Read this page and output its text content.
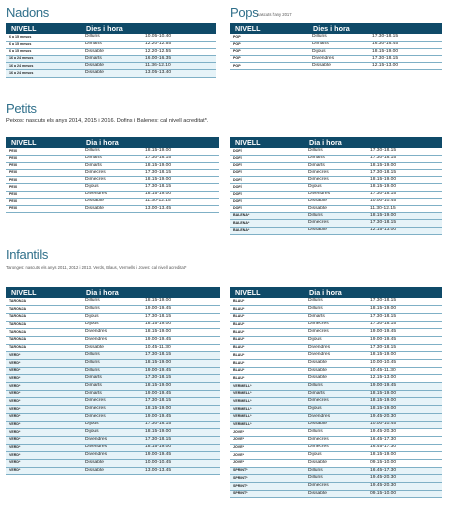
Nadons
NIVELL	Dies i hora	
6 a 15 mesos	Dilluns	10.05-10.40
6 a 15 mesos	Dimarts	12.20-12.55
6 a 15 mesos	Dissabte	12.20-12.55
16 a 24 mesos	Dimarts	16.00-16.35
16 a 24 mesos	Dissabte	11.36-12.10
16 a 24 mesos	Dissabte	13.05-13.40
Pops
nascuts l'any 2017
NIVELL	Dies i hora	
POP	Dilluns	17.30-18.15
POP	Dimarts	16.30-16.45
POP	Dijous	18.15-19.00
POP	Divendres	17.30-18.15
POP	Dissabte	12.15-13.00
Petits
Peixos: nascuts els anys 2014, 2015 i 2016. Dofins i Balenes: cal nivell acreditat*.
NIVELL	Dia i hora	
PEIX	Dilluns	18.15-19.00
PEIX	Dimarts	17.30-18.15
PEIX	Dimarts	18.15-19.00
PEIX	Dimecres	17.30-18.15
PEIX	Dimecres	18.15-19.00
PEIX	Dijous	17.30-18.15
PEIX	Divendres	18.15-19.00
PEIX	Dissabte	11.30-12.15
PEIX	Dissabte	13.00-13.45
NIVELL	Dia i hora	
DOFÍ	Dilluns	17.30-18.15
DOFÍ	Dimarts	17.30-18.15
DOFÍ	Dimarts	18.15-19.00
DOFÍ	Dimecres	17.30-18.15
DOFÍ	Dimecres	18.15-19.00
DOFÍ	Dijous	18.15-19.00
DOFÍ	Divendres	17.30-18.15
DOFÍ	Dissabte	10.00-10.45
DOFÍ	Dissabte	11.30-12.15
BALENA*	Dilluns	18.15-19.00
BALENA*	Dimecres	17.30-18.15
BALENA*	Dissabte	12.15-13.00
Infantils
Taronges: nascuts els anys 2011, 2012 i 2013. Verds, Blaus, Vermells i Joves: cal nivell acreditat*
NIVELL	Dia i hora	
TARONJA	Dilluns	18.15-19.00
TARONJA	Dilluns	19.00-19.45
TARONJA	Dijous	17.30-18.15
TARONJA	Dijous	18.15-19.00
TARONJA	Divendres	18.15-19.00
TARONJA	Divendres	19.00-19.45
TARONJA	Dissabte	10.45-11.30
VERD*	Dilluns	17.30-18.15
VERD*	Dilluns	18.15-19.00
VERD*	Dilluns	19.00-19.45
VERD*	Dimarts	17.30-18.15
VERD*	Dimarts	18.15-19.00
VERD*	Dimarts	19.00-19.45
VERD*	Dimecres	17.30-18.15
VERD*	Dimecres	18.15-19.00
VERD*	Dimecres	19.00-19.45
VERD*	Dijous	17.30-18.15
VERD*	Dijous	18.15-19.00
VERD*	Divendres	17.30-18.15
VERD*	Divendres	18.15-19.00
VERD*	Divendres	19.00-19.45
VERD*	Dissabte	10.00-10.45
VERD*	Dissabte	13.00-13.45
NIVELL	Dia i hora	
BLAU*	Dilluns	17.30-18.15
BLAU*	Dilluns	18.15-19.00
BLAU*	Dimarts	17.30-18.15
BLAU*	Dimecres	17.30-18.15
BLAU*	Dimecres	19.00-19.45
BLAU*	Dijous	19.00-19.45
BLAU*	Divendres	17.30-18.15
BLAU*	Divendres	18.15-19.00
BLAU*	Dissabte	10.00-10.45
BLAU*	Dissabte	10.45-11.30
BLAU*	Dissabte	12.15-13.00
VERMELL*	Dilluns	19.00-19.45
VERMELL*	Dimarts	18.15-19.00
VERMELL*	Dimecres	18.15-19.00
VERMELL*	Dijous	18.15-19.00
VERMELL*	Divendres	19.45-20.30
VERMELL*	Dissabte	10.00-10.45
JOVE*	Dilluns	19.45-20.30
JOVE*	Dimecres	16.45-17.30
JOVE*	Dimecres	16.45-17.30
JOVE*	Dijous	18.15-19.00
JOVE*	Dissabte	09.15-10.00
SPRINT*	Dilluns	16.45-17.30
SPRINT*	Dilluns	19.45-20.30
SPRINT*	Dimecres	19.45-20.30
SPRINT*	Dissabte	09.15-10.00
